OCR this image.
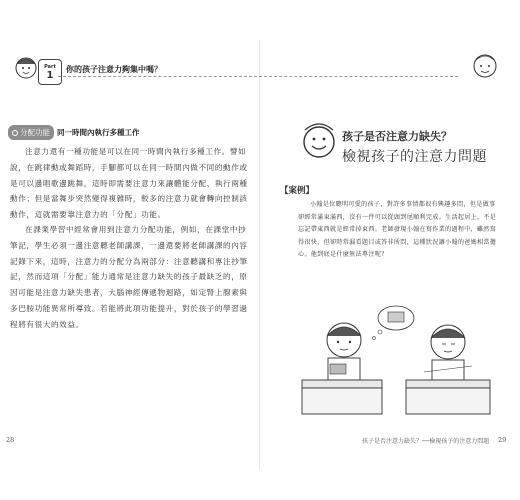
Part
1 你的孩子注意力夠集中嗎？
分配功能 同一時間內執行多種工作
注意力還有一種功能是可以在同一時間內執行多種工作。譬如說，在跳律動或舞蹈時，手腳都可以在同一時間內做不同的動作或是可以邊唱歌邊跳舞，這時即需要注意力來讓體能分配、執行兩種動作；但是當舞步突然變得複雜時，較多的注意力就會轉向控制該動作，這就需要靠注意力的「分配」功能。
在課業學習中經常會用到注意力分配功能，例如，在課堂中抄筆記，學生必須一邊注意聽老師講課，一邊還要將老師講課的內容記錄下來，這時，注意力的分配分為兩部分：注意聽講和專注抄筆記，然而這項「分配」能力通常是注意力缺失的孩子最缺乏的，原因可能是注意力缺失患者，大腦神經傳遞物迴路，如定腎上腺素與多巴胺功能異常所導致。若能將此項功能提升，對於孩子的學習過程將有很大的效益。
孩子是否注意力缺失？
檢視孩子的注意力問題
【案例】
小翰是位聰明可愛的孩子，對許多事情都很有興趣多問，但是做事卻經常滿東滿西，沒有一件可以從頭到尾順利完成。生活起居上，不是忘記帶東西就是經常掉東西。老師發現小翰在寫作業的過程中，雖然寫得很快，但卻時常漏看題目或答非所問，這種狀況讓小翰的爸媽相當擔心。他到底是什麼無法專注呢？
28	孩子是否注意力缺失？──檢視孩子的注意力問題 29
